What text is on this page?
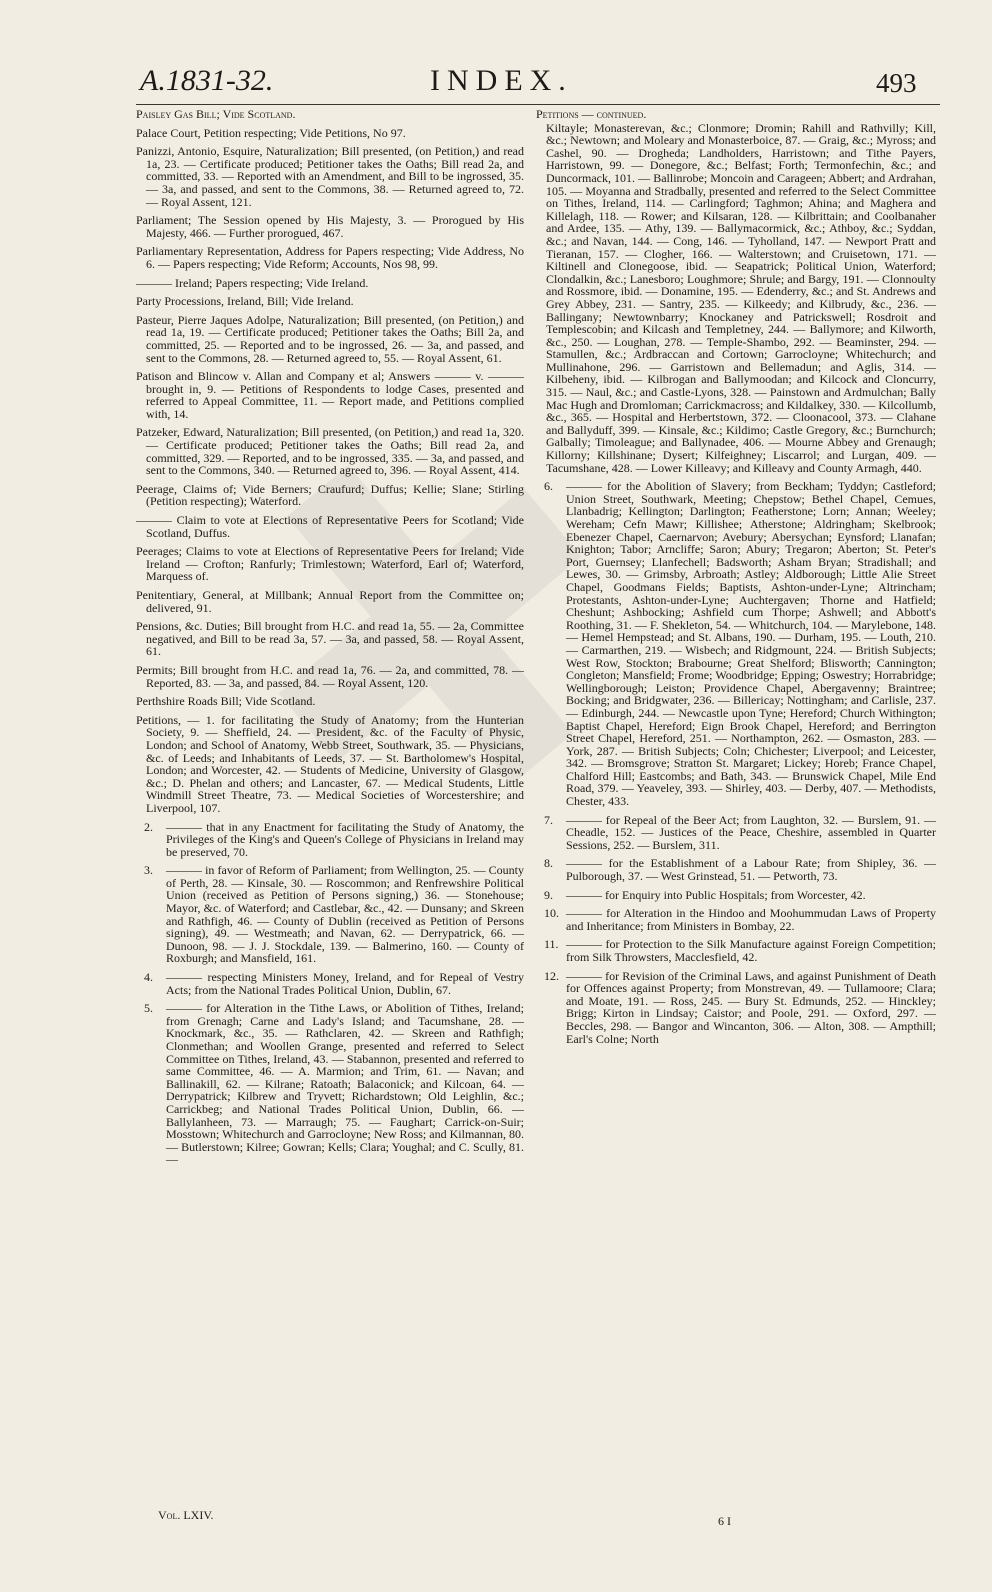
A.1831-32.	INDEX.	493
Paisley Gas Bill; Vide Scotland.
Palace Court, Petition respecting; Vide Petitions, No 97.
Panizzi, Antonio, Esquire, Naturalization; Bill presented, (on Petition,) and read 1a, 23. — Certificate produced; Petitioner takes the Oaths; Bill read 2a, and committed, 33. — Reported with an Amendment, and Bill to be ingrossed, 35. — 3a, and passed, and sent to the Commons, 38. — Returned agreed to, 72. — Royal Assent, 121.
Parliament; The Session opened by His Majesty, 3. — Prorogued by His Majesty, 466. — Further prorogued, 467.
Parliamentary Representation, Address for Papers respecting; Vide Address, No 6. — Papers respecting; Vide Reform; Accounts, Nos 98, 99.
——— Ireland; Papers respecting; Vide Ireland.
Party Processions, Ireland, Bill; Vide Ireland.
Pasteur, Pierre Jaques Adolpe, Naturalization; Bill presented, (on Petition,) and read 1a, 19. — Certificate produced; Petitioner takes the Oaths; Bill 2a, and committed, 25. — Reported and to be ingrossed, 26. — 3a, and passed, and sent to the Commons, 28. — Returned agreed to, 55. — Royal Assent, 61.
Patison and Blincow v. Allan and Company et al; Answers ——— v. ——— brought in, 9. — Petitions of Respondents to lodge Cases, presented and referred to Appeal Committee, 11. — Report made, and Petitions complied with, 14.
Patzeker, Edward, Naturalization; Bill presented, (on Petition,) and read 1a, 320. — Certificate produced; Petitioner takes the Oaths; Bill read 2a, and committed, 329. — Reported, and to be ingrossed, 335. — 3a, and passed, and sent to the Commons, 340. — Returned agreed to, 396. — Royal Assent, 414.
Peerage, Claims of; Vide Berners; Craufurd; Duffus; Kellie; Slane; Stirling (Petition respecting); Waterford.
——— Claim to vote at Elections of Representative Peers for Scotland; Vide Scotland, Duffus.
Peerages; Claims to vote at Elections of Representative Peers for Ireland; Vide Ireland — Crofton; Ranfurly; Trimlestown; Waterford, Earl of; Waterford, Marquess of.
Penitentiary, General, at Millbank; Annual Report from the Committee on; delivered, 91.
Pensions, &c. Duties; Bill brought from H.C. and read 1a, 55. — 2a, Committee negatived, and Bill to be read 3a, 57. — 3a, and passed, 58. — Royal Assent, 61.
Permits; Bill brought from H.C. and read 1a, 76. — 2a, and committed, 78. — Reported, 83. — 3a, and passed, 84. — Royal Assent, 120.
Perthshire Roads Bill; Vide Scotland.
Petitions, — 1. for facilitating the Study of Anatomy; from the Hunterian Society, 9. — Sheffield, 24. — President, &c. of the Faculty of Physic, London; and School of Anatomy, Webb Street, Southwark, 35. — Physicians, &c. of Leeds; and Inhabitants of Leeds, 37. — St. Bartholomew's Hospital, London; and Worcester, 42. — Students of Medicine, University of Glasgow, &c.; D. Phelan and others; and Lancaster, 67. — Medical Students, Little Windmill Street Theatre, 73. — Medical Societies of Worcestershire; and Liverpool, 107.
2. ——— that in any Enactment for facilitating the Study of Anatomy, the Privileges of the King's and Queen's College of Physicians in Ireland may be preserved, 70.
3. ——— in favor of Reform of Parliament; from Wellington, 25. — County of Perth, 28. — Kinsale, 30. — Roscommon; and Renfrewshire Political Union (received as Petition of Persons signing,) 36. — Stonehouse; Mayor, &c. of Waterford; and Castlebar, &c., 42. — Dunsany; and Skreen and Rathfigh, 46. — County of Dublin (received as Petition of Persons signing), 49. — Westmeath; and Navan, 62. — Derrypatrick, 66. — Dunoon, 98. — J. J. Stockdale, 139. — Balmerino, 160. — County of Roxburgh; and Mansfield, 161.
4. ——— respecting Ministers Money, Ireland, and for Repeal of Vestry Acts; from the National Trades Political Union, Dublin, 67.
5. ——— for Alteration in the Tithe Laws, or Abolition of Tithes, Ireland; from Grenagh; Carne and Lady's Island; and Tacumshane, 28. — Knockmark, &c., 35. — Rathclaren, 42. — Skreen and Rathfigh; Clonmethan; and Woollen Grange, presented and referred to Select Committee on Tithes, Ireland, 43. — Stabannon, presented and referred to same Committee, 46. — A. Marmion; and Trim, 61. — Navan; and Ballinakill, 62. — Kilrane; Ratoath; Balaconick; and Kilcoan, 64. — Derrypatrick; Kilbrew and Tryvett; Richardstown; Old Leighlin, &c.; Carrickbeg; and National Trades Political Union, Dublin, 66. — Ballylanheen, 73. — Marraugh; 75. — Faughart; Carrick-on-Suir; Mosstown; Whitechurch and Garrocloyne; New Ross; and Kilmannan, 80. — Butlerstown; Kilree; Gowran; Kells; Clara; Youghal; and C. Scully, 81. —
Petitions — continued.
Kiltayle; Monasterevan, &c.; Clonmore; Dromin; Rahill and Rathvilly; Kill, &c.; Newtown; and Moleary and Monasterboice, 87. — Graig, &c.; Myross; and Cashel, 90. — Drogheda; Landholders, Harristown; and Tithe Payers, Harristown, 99. — Donegore, &c.; Belfast; Forth; Termonfechin, &c.; and Duncormack, 101. — Ballinrobe; Moncoin and Carageen; Abbert; and Ardrahan, 105. — Moyanna and Stradbally, presented and referred to the Select Committee on Tithes, Ireland, 114. — Carlingford; Taghmon; Ahina; and Maghera and Killelagh, 118. — Rower; and Kilsaran, 128. — Kilbrittain; and Coolbanaher and Ardee, 135. — Athy, 139. — Ballymacormick, &c.; Athboy, &c.; Syddan, &c.; and Navan, 144. — Cong, 146. — Tyholland, 147. — Newport Pratt and Tieranan, 157. — Clogher, 166. — Walterstown; and Cruisetown, 171. — Kiltinell and Clonegoose, ibid. — Seapatrick; Political Union, Waterford; Clondalkin, &c.; Lanesboro; Loughmore; Shrule; and Bargy, 191. — Clonnoulty and Rossmore, ibid. — Donamine, 195. — Edenderry, &c.; and St. Andrews and Grey Abbey, 231. — Santry, 235. — Kilkeedy; and Kilbrudy, &c., 236. — Ballingany; Newtownbarry; Knockaney and Patrickswell; Rosdroit and Templescobin; and Kilcash and Templetney, 244. — Ballymore; and Kilworth, &c., 250. — Loughan, 278. — Temple-Shambo, 292. — Beaminster, 294. — Stamullen, &c.; Ardbraccan and Cortown; Garrocloyne; Whitechurch; and Mullinahone, 296. — Garristown and Bellemadun; and Aglis, 314. — Kilbeheny, ibid. — Kilbrogan and Ballymoodan; and Kilcock and Cloncurry, 315. — Naul, &c.; and Castle-Lyons, 328. — Painstown and Ardmulchan; Bally Mac Hugh and Dromloman; Carrickmacross; and Kildalkey, 330. — Kilcollumb, &c., 365. — Hospital and Herbertstown, 372. — Cloonacool, 373. — Clahane and Ballyduff, 399. — Kinsale, &c.; Kildimo; Castle Gregory, &c.; Burnchurch; Galbally; Timoleague; and Ballynadee, 406. — Mourne Abbey and Grenaugh; Killorny; Killshinane; Dysert; Kilfeighney; Liscarrol; and Lurgan, 409. — Tacumshane, 428. — Lower Killeavy; and Killeavy and County Armagh, 440.
6. ——— for the Abolition of Slavery; from Beckham; Tyddyn; Castleford; Union Street, Southwark, Meeting; Chepstow; Bethel Chapel, Cemues, Llanbadrig; Kellington; Darlington; Featherstone; Lorn; Annan; Weeley; Wereham; Cefn Mawr; Killishee; Atherstone; Aldringham; Skelbrook; Ebenezer Chapel, Caernarvon; Avebury; Abersychan; Eynsford; Llanafan; Knighton; Tabor; Arncliffe; Saron; Abury; Tregaron; Aberton; St. Peter's Port, Guernsey; Llanfechell; Badsworth; Asham Bryan; Stradishall; and Lewes, 30. — Grimsby, Arbroath; Astley; Aldborough; Little Alie Street Chapel, Goodmans Fields; Baptists, Ashton-under-Lyne; Altrincham; Protestants, Ashton-under-Lyne; Auchtergaven; Thorne and Hatfield; Cheshunt; Ashbocking; Ashfield cum Thorpe; Ashwell; and Abbott's Roothing, 31. — F. Shekleton, 54. — Whitchurch, 104. — Marylebone, 148. — Hemel Hempstead; and St. Albans, 190. — Durham, 195. — Louth, 210. — Carmarthen, 219. — Wisbech; and Ridgmount, 224. — British Subjects; West Row, Stockton; Brabourne; Great Shelford; Blisworth; Cannington; Congleton; Mansfield; Frome; Woodbridge; Epping; Oswestry; Horrabridge; Wellingborough; Leiston; Providence Chapel, Abergavenny; Braintree; Bocking; and Bridgwater, 236. — Billericay; Nottingham; and Carlisle, 237. — Edinburgh, 244. — Newcastle upon Tyne; Hereford; Church Withington; Baptist Chapel, Hereford; Eign Brook Chapel, Hereford; and Berrington Street Chapel, Hereford, 251. — Northampton, 262. — Osmaston, 283. — York, 287. — British Subjects; Coln; Chichester; Liverpool; and Leicester, 342. — Bromsgrove; Stratton St. Margaret; Lickey; Horeb; France Chapel, Chalford Hill; Eastcombs; and Bath, 343. — Brunswick Chapel, Mile End Road, 379. — Yeaveley, 393. — Shirley, 403. — Derby, 407. — Methodists, Chester, 433.
7. ——— for Repeal of the Beer Act; from Laughton, 32. — Burslem, 91. — Cheadle, 152. — Justices of the Peace, Cheshire, assembled in Quarter Sessions, 252. — Burslem, 311.
8. ——— for the Establishment of a Labour Rate; from Shipley, 36. — Pulborough, 37. — West Grinstead, 51. — Petworth, 73.
9. ——— for Enquiry into Public Hospitals; from Worcester, 42.
10. ——— for Alteration in the Hindoo and Moohummudan Laws of Property and Inheritance; from Ministers in Bombay, 22.
11. ——— for Protection to the Silk Manufacture against Foreign Competition; from Silk Throwsters, Macclesfield, 42.
12. ——— for Revision of the Criminal Laws, and against Punishment of Death for Offences against Property; from Monstrevan, 49. — Tullamoore; Clara; and Moate, 191. — Ross, 245. — Bury St. Edmunds, 252. — Hinckley; Brigg; Kirton in Lindsay; Caistor; and Poole, 291. — Oxford, 297. — Beccles, 298. — Bangor and Wincanton, 306. — Alton, 308. — Ampthill; Earl's Colne; North
Vol. LXIV.	6 I
